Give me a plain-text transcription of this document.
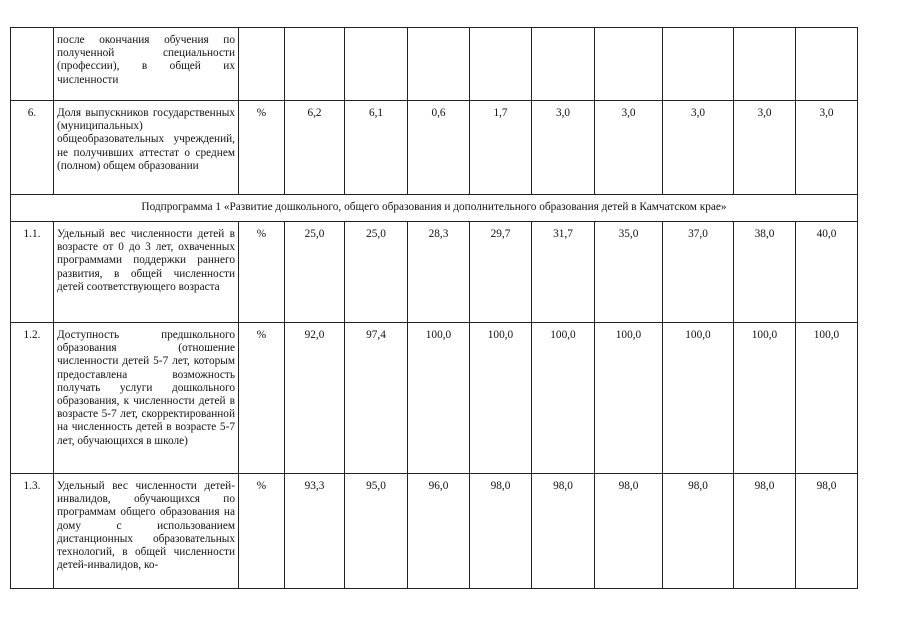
	после окончания обучения по полученной специальности (профессии), в общей их численности										
6.	Доля выпускников государственных (муниципальных) общеобразовательных учреждений, не получивших аттестат о среднем (полном) общем образовании	%	6,2	6,1	0,6	1,7	3,0	3,0	3,0	3,0	3,0
Подпрограмма 1 «Развитие дошкольного, общего образования и дополнительного образования детей в Камчатском крае»											
1.1.	Удельный вес численности детей в возрасте от 0 до 3 лет, охваченных программами поддержки раннего развития, в общей численности детей соответствующего возраста	%	25,0	25,0	28,3	29,7	31,7	35,0	37,0	38,0	40,0
1.2.	Доступность предшкольного образования (отношение численности детей 5-7 лет, которым предоставлена возможность получать услуги дошкольного образования, к численности детей в возрасте 5-7 лет, скорректированной на численность детей в возрасте 5-7 лет, обучающихся в школе)	%	92,0	97,4	100,0	100,0	100,0	100,0	100,0	100,0	100,0
1.3.	Удельный вес численности детей-инвалидов, обучающихся по программам общего образования на дому с использованием дистанционных образовательных технологий, в общей численности детей-инвалидов, ко-	%	93,3	95,0	96,0	98,0	98,0	98,0	98,0	98,0	98,0
